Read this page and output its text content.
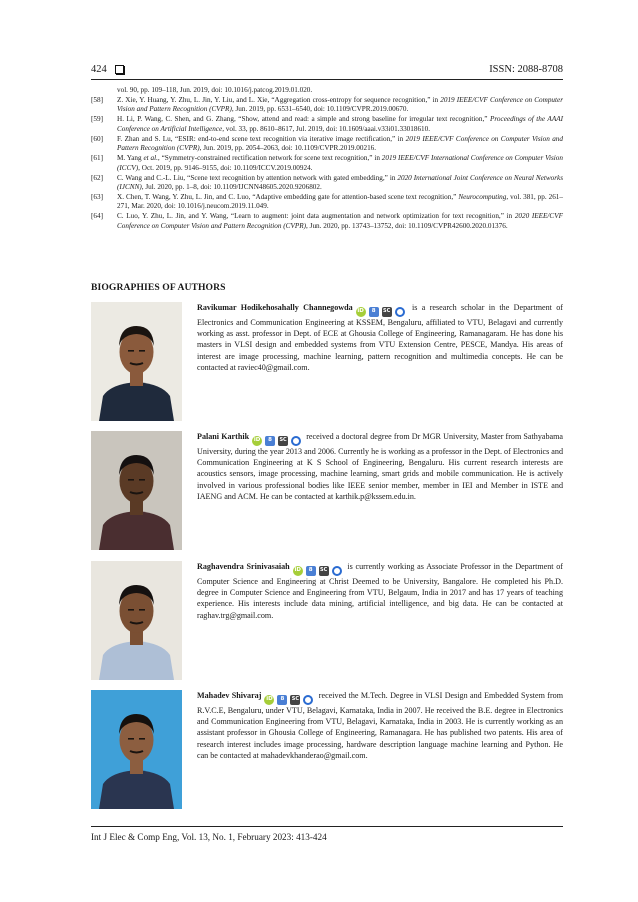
424	ISSN: 2088-8708
vol. 90, pp. 109–118, Jun. 2019, doi: 10.1016/j.patcog.2019.01.020.
[58]	Z. Xie, Y. Huang, Y. Zhu, L. Jin, Y. Liu, and L. Xie, “Aggregation cross-entropy for sequence recognition,” in 2019 IEEE/CVF Conference on Computer Vision and Pattern Recognition (CVPR), Jun. 2019, pp. 6531–6540, doi: 10.1109/CVPR.2019.00670.
[59]	H. Li, P. Wang, C. Shen, and G. Zhang, “Show, attend and read: a simple and strong baseline for irregular text recognition,” Proceedings of the AAAI Conference on Artificial Intelligence, vol. 33, pp. 8610–8617, Jul. 2019, doi: 10.1609/aaai.v33i01.33018610.
[60]	F. Zhan and S. Lu, “ESIR: end-to-end scene text recognition via iterative image rectification,” in 2019 IEEE/CVF Conference on Computer Vision and Pattern Recognition (CVPR), Jun. 2019, pp. 2054–2063, doi: 10.1109/CVPR.2019.00216.
[61]	M. Yang et al., “Symmetry-constrained rectification network for scene text recognition,” in 2019 IEEE/CVF International Conference on Computer Vision (ICCV), Oct. 2019, pp. 9146–9155, doi: 10.1109/ICCV.2019.00924.
[62]	C. Wang and C.-L. Liu, “Scene text recognition by attention network with gated embedding,” in 2020 International Joint Conference on Neural Networks (IJCNN), Jul. 2020, pp. 1–8, doi: 10.1109/IJCNN48605.2020.9206802.
[63]	X. Chen, T. Wang, Y. Zhu, L. Jin, and C. Luo, “Adaptive embedding gate for attention-based scene text recognition,” Neurocomputing, vol. 381, pp. 261–271, Mar. 2020, doi: 10.1016/j.neucom.2019.11.049.
[64]	C. Luo, Y. Zhu, L. Jin, and Y. Wang, “Learn to augment: joint data augmentation and network optimization for text recognition,” in 2020 IEEE/CVF Conference on Computer Vision and Pattern Recognition (CVPR), Jun. 2020, pp. 13743–13752, doi: 10.1109/CVPR42600.2020.01376.
BIOGRAPHIES OF AUTHORS
Ravikumar Hodikehosahally Channegowda iD	8	SC is a research scholar in the Department of Electronics and Communication Engineering at KSSEM, Bengaluru, affiliated to VTU, Belagavi and currently working as asst. professor in Dept. of ECE at Ghousia College of Engineering, Ramanagaram. He has done his masters in VLSI design and embedded systems from VTU Extension Centre, PESCE, Mandya. His areas of interest are image processing, machine learning, pattern recognition and multimedia concepts. He can be contacted at raviec40@gmail.com.
Palani Karthik iD	8	SC received a doctoral degree from Dr MGR University, Master from Sathyabama University, during the year 2013 and 2006. Currently he is working as a professor in the Dept. of Electronics and Communication Engineering at K S School of Engineering, Bengaluru. His current research interests are acoustics sensors, image processing, machine learning, smart grids and mobile communication. He is actively involved in various professional bodies like IEEE senior member, member in IEI and Member in ISTE and IAENG and ACM. He can be contacted at karthik.p@kssem.edu.in.
Raghavendra Srinivasaiah iD	8	SC is currently working as Associate Professor in the Department of Computer Science and Engineering at Christ Deemed to be University, Bangalore. He completed his Ph.D. degree in Computer Science and Engineering from VTU, Belgaum, India in 2017 and has 17 years of teaching experience. His interests include data mining, artificial intelligence, and big data. He can be contacted at raghav.trg@gmail.com.
Mahadev Shivaraj iD	8	SC received the M.Tech. Degree in VLSI Design and Embedded System from R.V.C.E, Bengaluru, under VTU, Belagavi, Karnataka, India in 2007. He received the B.E. degree in Electronics and Communication Engineering from VTU, Belagavi, Karnataka, India in 2003. He is currently working as an assistant professor in Ghousia College of Engineering, Ramanagara. He has published two patents. His area of research interest includes image processing, hardware description language machine learning and Python. He can be contacted at mahadevkhanderao@gmail.com.
Int J Elec & Comp Eng, Vol. 13, No. 1, February 2023: 413-424
